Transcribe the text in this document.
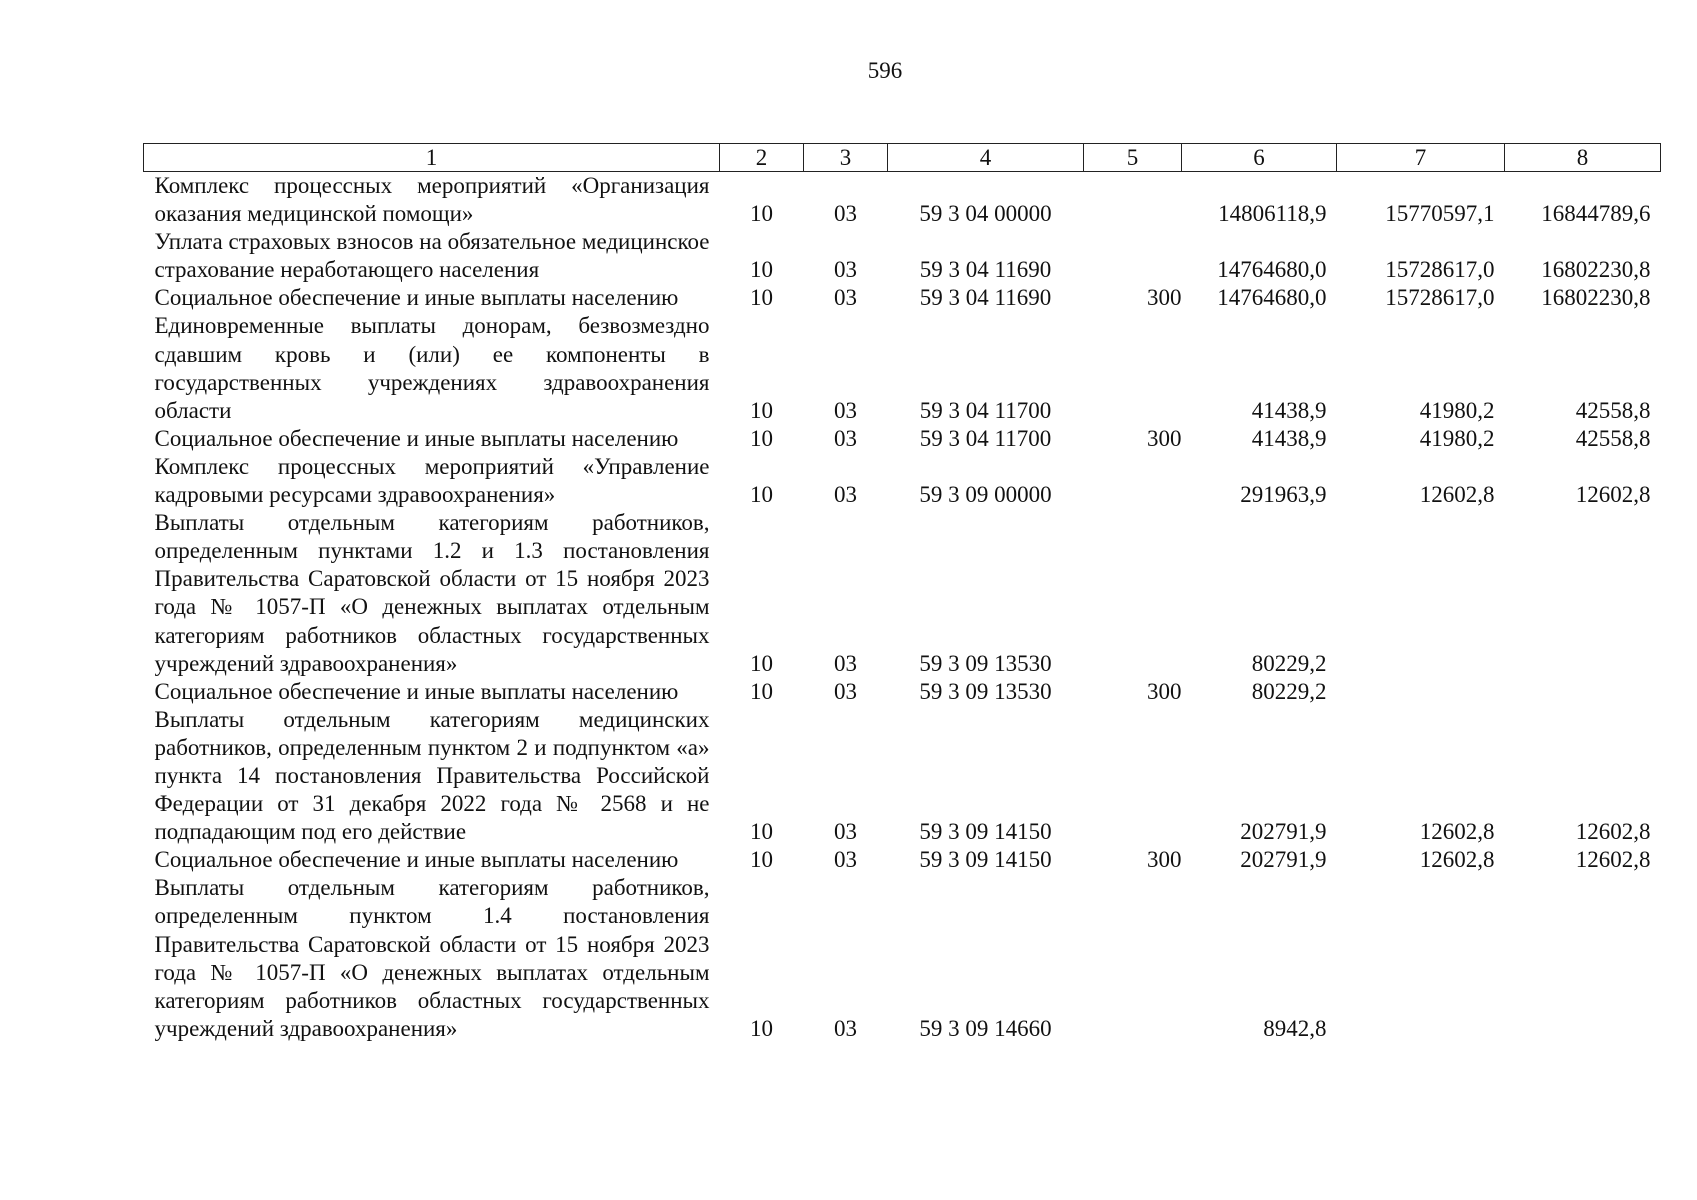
596
1	2	3	4	5	6	7	8
Комплекс процессных мероприятий «Организация оказания медицинской помощи»	10	03	59 3 04 00000		14806118,9	15770597,1	16844789,6
Уплата страховых взносов на обязательное медицинское страхование неработающего населения	10	03	59 3 04 11690		14764680,0	15728617,0	16802230,8
Социальное обеспечение и иные выплаты населению	10	03	59 3 04 11690	300	14764680,0	15728617,0	16802230,8
Единовременные выплаты донорам, безвозмездно сдавшим кровь и (или) ее компоненты в государственных учреждениях здравоохранения области	10	03	59 3 04 11700		41438,9	41980,2	42558,8
Социальное обеспечение и иные выплаты населению	10	03	59 3 04 11700	300	41438,9	41980,2	42558,8
Комплекс процессных мероприятий «Управление кадровыми ресурсами здравоохранения»	10	03	59 3 09 00000		291963,9	12602,8	12602,8
Выплаты отдельным категориям работников, определенным пунктами 1.2 и 1.3 постановления Правительства Саратовской области от 15 ноября 2023 года № 1057-П «О денежных выплатах отдельным категориям работников областных государственных учреждений здравоохранения»	10	03	59 3 09 13530		80229,2		
Социальное обеспечение и иные выплаты населению	10	03	59 3 09 13530	300	80229,2		
Выплаты отдельным категориям медицинских работников, определенным пунктом 2 и подпунктом «а» пункта 14 постановления Правительства Российской Федерации от 31 декабря 2022 года № 2568 и не подпадающим под его действие	10	03	59 3 09 14150		202791,9	12602,8	12602,8
Социальное обеспечение и иные выплаты населению	10	03	59 3 09 14150	300	202791,9	12602,8	12602,8
Выплаты отдельным категориям работников, определенным пунктом 1.4 постановления Правительства Саратовской области от 15 ноября 2023 года № 1057-П «О денежных выплатах отдельным категориям работников областных государственных учреждений здравоохранения»	10	03	59 3 09 14660		8942,8		
